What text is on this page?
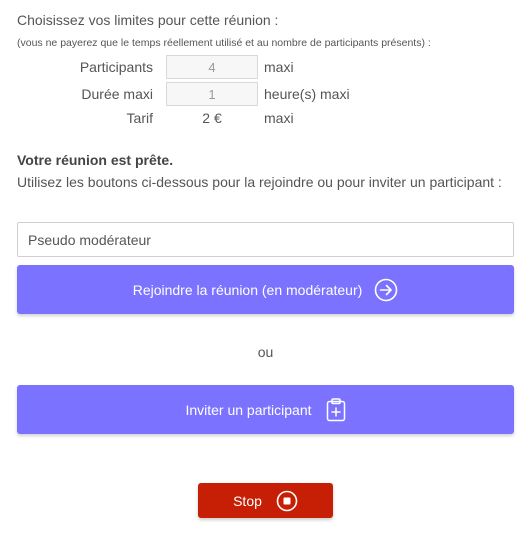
Choisissez vos limites pour cette réunion :
(vous ne payerez que le temps réellement utilisé et au nombre de participants présents) :
Participants	4	maxi
Durée maxi	1	heure(s) maxi
Tarif	2 €	maxi
Votre réunion est prête.
Utilisez les boutons ci-dessous pour la rejoindre ou pour inviter un participant :
Pseudo modérateur
Rejoindre la réunion (en modérateur)
ou
Inviter un participant
Stop
